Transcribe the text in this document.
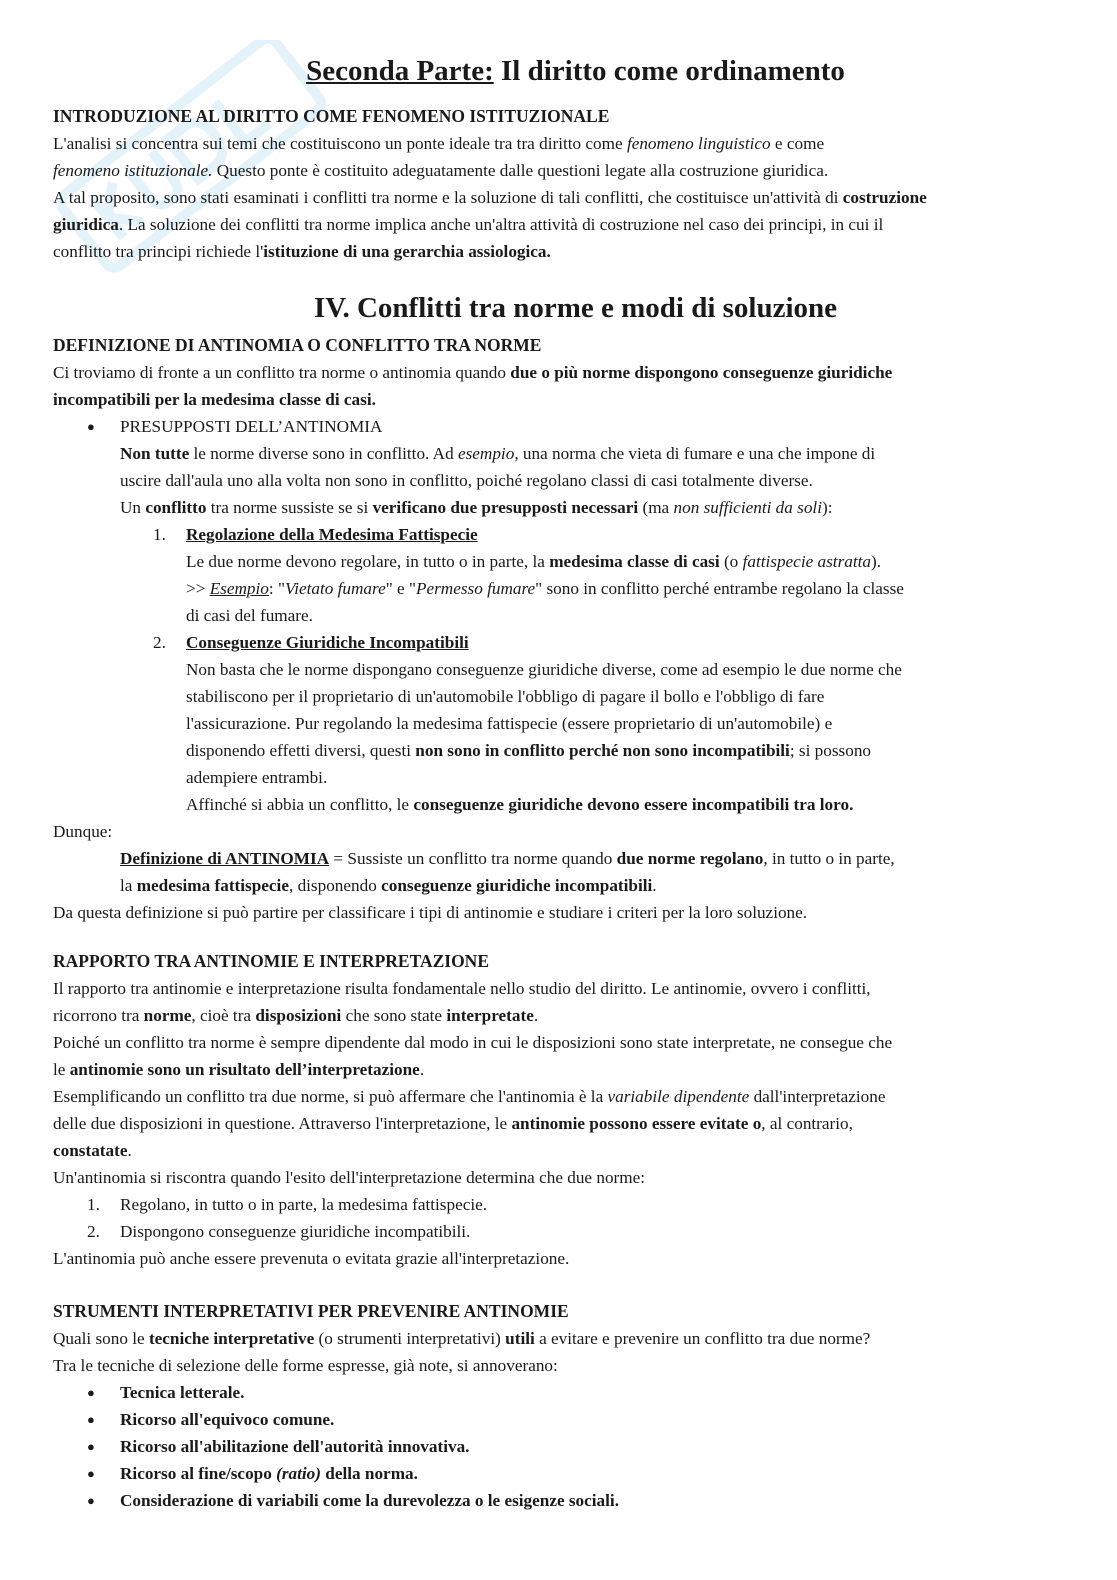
Seconda Parte: Il diritto come ordinamento
INTRODUZIONE AL DIRITTO COME FENOMENO ISTITUZIONALE

L'analisi si concentra sui temi che costituiscono un ponte ideale tra tra diritto come fenomeno linguistico e come

fenomeno istituzionale. Questo ponte è costituito adeguatamente dalle questioni legate alla costruzione giuridica.

A tal proposito, sono stati esaminati i conflitti tra norme e la soluzione di tali conflitti, che costituisce un'attività di costruzione

giuridica. La soluzione dei conflitti tra norme implica anche un'altra attività di costruzione nel caso dei principi, in cui il

conflitto tra principi richiede l'istituzione di una gerarchia assiologica.

IV. Conflitti tra norme e modi di soluzione
DEFINIZIONE DI ANTINOMIA O CONFLITTO TRA NORME

Ci troviamo di fronte a un conflitto tra norme o antinomia quando due o più norme dispongono conseguenze giuridiche

incompatibili per la medesima classe di casi.

● PRESUPPOSTI DELL’ANTINOMIA

Non tutte le norme diverse sono in conflitto. Ad esempio, una norma che vieta di fumare e una che impone di

uscire dall'aula uno alla volta non sono in conflitto, poiché regolano classi di casi totalmente diverse.

Un conflitto tra norme sussiste se si verificano due presupposti necessari (ma non sufficienti da soli):

1. Regolazione della Medesima Fattispecie

Le due norme devono regolare, in tutto o in parte, la medesima classe di casi (o fattispecie astratta).

>> Esempio: "Vietato fumare" e "Permesso fumare" sono in conflitto perché entrambe regolano la classe

di casi del fumare.

2. Conseguenze Giuridiche Incompatibili

Non basta che le norme dispongano conseguenze giuridiche diverse, come ad esempio le due norme che

stabiliscono per il proprietario di un'automobile l'obbligo di pagare il bollo e l'obbligo di fare

l'assicurazione. Pur regolando la medesima fattispecie (essere proprietario di un'automobile) e

disponendo effetti diversi, questi non sono in conflitto perché non sono incompatibili; si possono

adempiere entrambi.

Affinché si abbia un conflitto, le conseguenze giuridiche devono essere incompatibili tra loro.

Dunque:

Definizione di ANTINOMIA = Sussiste un conflitto tra norme quando due norme regolano, in tutto o in parte,

la medesima fattispecie, disponendo conseguenze giuridiche incompatibili.

Da questa definizione si può partire per classificare i tipi di antinomie e studiare i criteri per la loro soluzione.

RAPPORTO TRA ANTINOMIE E INTERPRETAZIONE

Il rapporto tra antinomie e interpretazione risulta fondamentale nello studio del diritto. Le antinomie, ovvero i conflitti,

ricorrono tra norme, cioè tra disposizioni che sono state interpretate.

Poiché un conflitto tra norme è sempre dipendente dal modo in cui le disposizioni sono state interpretate, ne consegue che

le antinomie sono un risultato dell’interpretazione.

Esemplificando un conflitto tra due norme, si può affermare che l'antinomia è la variabile dipendente dall'interpretazione

delle due disposizioni in questione. Attraverso l'interpretazione, le antinomie possono essere evitate o, al contrario,

constatate.

Un'antinomia si riscontra quando l'esito dell'interpretazione determina che due norme:

1. Regolano, in tutto o in parte, la medesima fattispecie.
2. Dispongono conseguenze giuridiche incompatibili.

L'antinomia può anche essere prevenuta o evitata grazie all'interpretazione.

STRUMENTI INTERPRETATIVI PER PREVENIRE ANTINOMIE

Quali sono le tecniche interpretative (o strumenti interpretativi) utili a evitare e prevenire un conflitto tra due norme?

Tra le tecniche di selezione delle forme espresse, già note, si annoverano:

● Tecnica letterale.
● Ricorso all'equivoco comune.
● Ricorso all'abilitazione dell'autorità innovativa.
● Ricorso al fine/scopo (ratio) della norma.
● Considerazione di variabili come la durevolezza o le esigenze sociali.
